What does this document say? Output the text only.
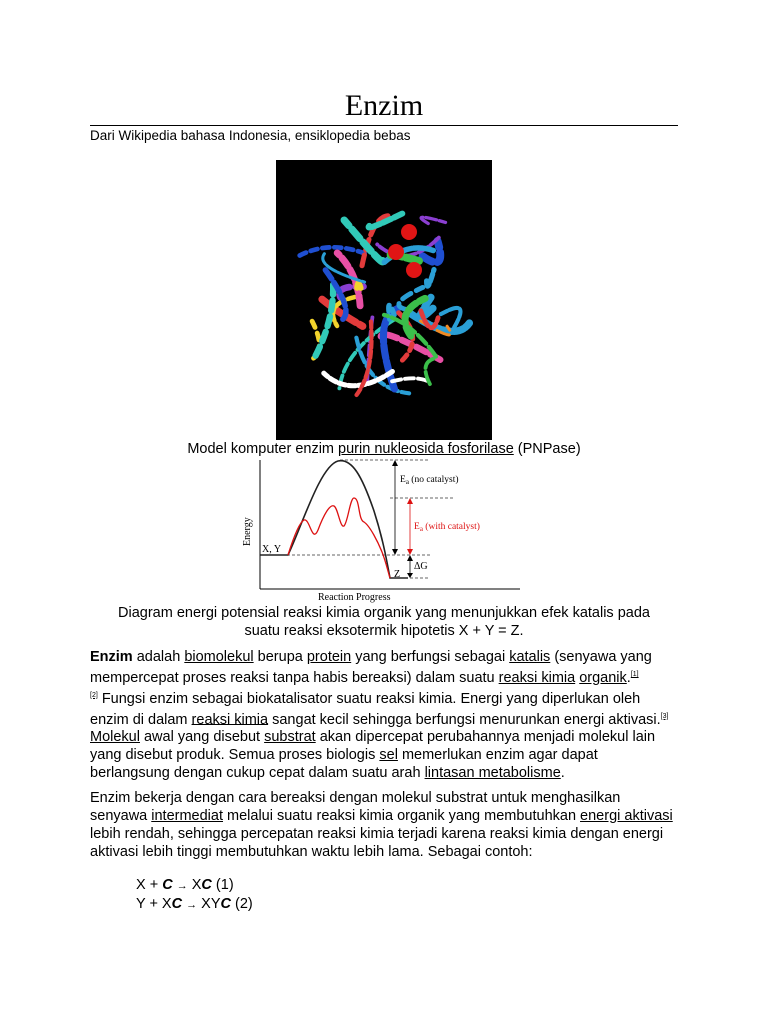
Enzim
Dari Wikipedia bahasa Indonesia, ensiklopedia bebas
Model komputer enzim purin nukleosida fosforilase (PNPase)
Energy
Reaction Progress
X, Y
Z
ΔG
$E_a$ (no catalyst)
$E_a$ (with catalyst)
Diagram energi potensial reaksi kimia organik yang menunjukkan efek katalis pada
suatu reaksi eksotermik hipotetis X + Y = Z.
Enzim adalah biomolekul berupa protein yang berfungsi sebagai katalis (senyawa yang mempercepat proses reaksi tanpa habis bereaksi) dalam suatu reaksi kimia organik.[1]
[2] Fungsi enzim sebagai biokatalisator suatu reaksi kimia. Energi yang diperlukan oleh enzim di dalam reaksi kimia sangat kecil sehingga berfungsi menurunkan energi aktivasi.[3] Molekul awal yang disebut substrat akan dipercepat perubahannya menjadi molekul lain yang disebut produk. Semua proses biologis sel memerlukan enzim agar dapat berlangsung dengan cukup cepat dalam suatu arah lintasan metabolisme.
Enzim bekerja dengan cara bereaksi dengan molekul substrat untuk menghasilkan senyawa intermediat melalui suatu reaksi kimia organik yang membutuhkan energi aktivasi lebih rendah, sehingga percepatan reaksi kimia terjadi karena reaksi kimia dengan energi aktivasi lebih tinggi membutuhkan waktu lebih lama. Sebagai contoh:
X + C → XC (1)
Y + XC → XYC (2)
